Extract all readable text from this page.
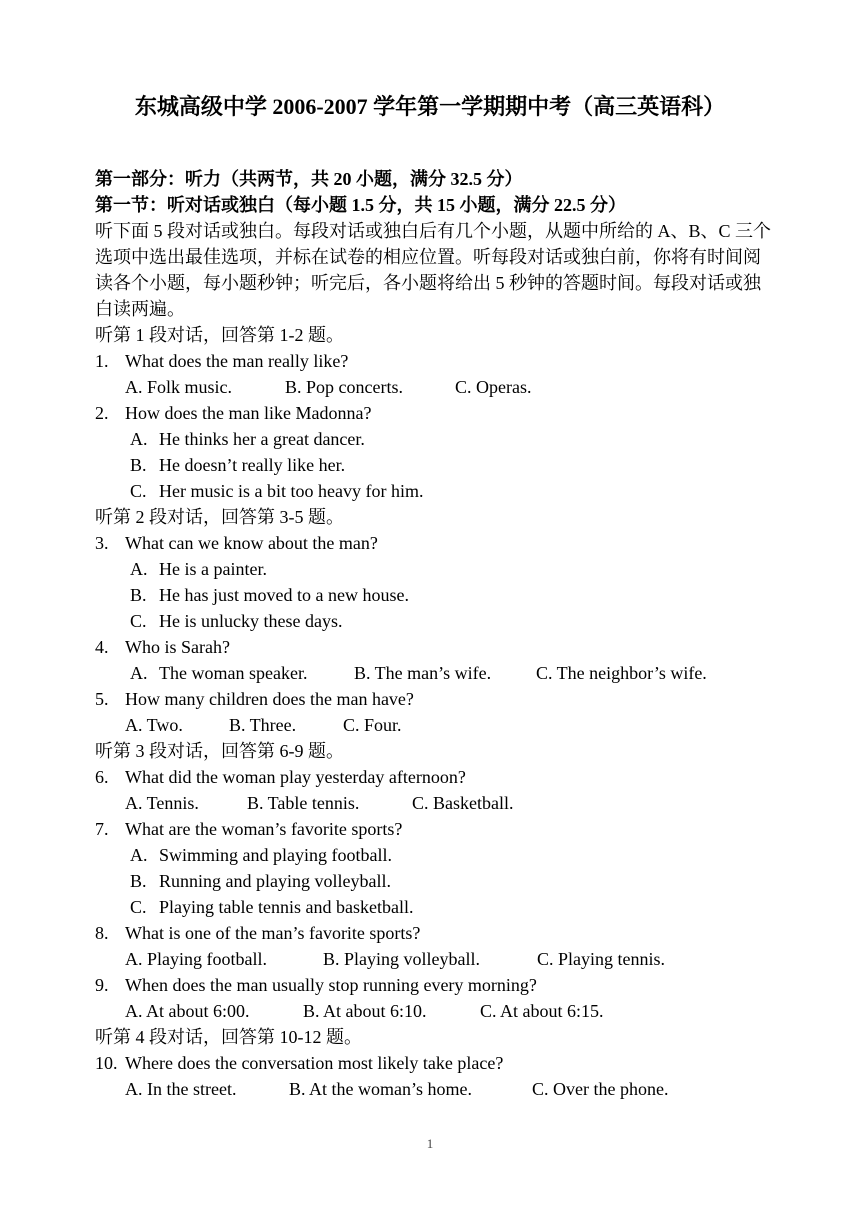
东城高级中学 2006-2007 学年第一学期期中考（高三英语科）
第一部分：听力（共两节，共 20 小题，满分 32.5 分）
第一节：听对话或独白（每小题 1.5 分，共 15 小题，满分 22.5 分）
听下面 5 段对话或独白。每段对话或独白后有几个小题，从题中所给的 A、B、C 三个选项中选出最佳选项，并标在试卷的相应位置。听每段对话或独白前，你将有时间阅读各个小题，每小题秒钟；听完后，各小题将给出 5 秒钟的答题时间。每段对话或独白读两遍。
听第 1 段对话，回答第 1-2 题。
1. What does the man really like?
A. Folk music.	B. Pop concerts.	C. Operas.
2. How does the man like Madonna?
A. He thinks her a great dancer.
B. He doesn’t really like her.
C. Her music is a bit too heavy for him.
听第 2 段对话，回答第 3-5 题。
3. What can we know about the man?
A. He is a painter.
B. He has just moved to a new house.
C. He is unlucky these days.
4. Who is Sarah?
A. The woman speaker.	B. The man’s wife. C. The neighbor’s wife.
5. How many children does the man have?
A. Two.	B. Three.	C. Four.
听第 3 段对话，回答第 6-9 题。
6. What did the woman play yesterday afternoon?
A. Tennis.	B. Table tennis.	C. Basketball.
7. What are the woman’s favorite sports?
A. Swimming and playing football.
B. Running and playing volleyball.
C. Playing table tennis and basketball.
8. What is one of the man’s favorite sports?
A. Playing football.	B. Playing volleyball.	C. Playing tennis.
9. When does the man usually stop running every morning?
A. At about 6:00.	B. At about 6:10.	C. At about 6:15.
听第 4 段对话，回答第 10-12 题。
10. Where does the conversation most likely take place?
A. In the street.	B. At the woman’s home.	C. Over the phone.
1
